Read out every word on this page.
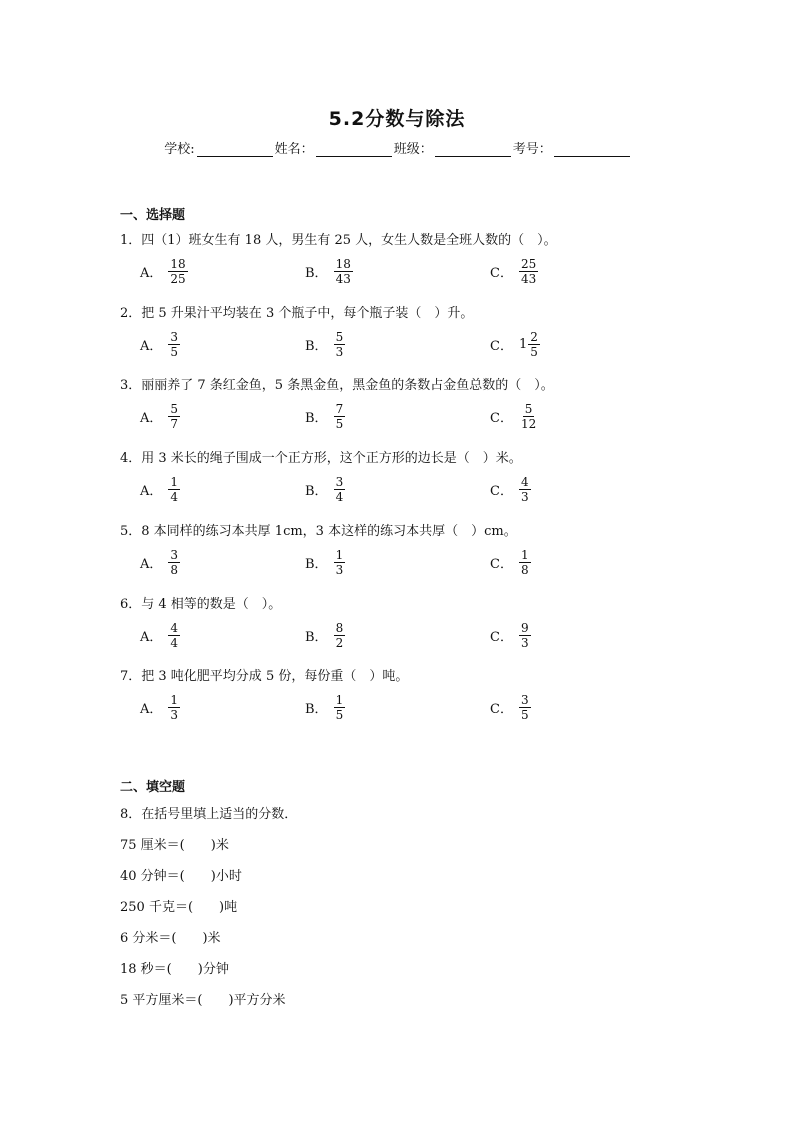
5.2分数与除法
学校:	姓名：	班级：	考号：
一、选择题
1．四（1）班女生有 18 人，男生有 25 人，女生人数是全班人数的（　）。
A． $\frac{18}{25}$	B． $\frac{18}{43}$	C． $\frac{25}{43}$
2．把 5 升果汁平均装在 3 个瓶子中，每个瓶子装（　）升。
A． $\frac{3}{5}$	B． $\frac{5}{3}$	C． $1 \frac{2}{5}$
3．丽丽养了 7 条红金鱼，5 条黑金鱼，黑金鱼的条数占金鱼总数的（　）。
A． $\frac{5}{7}$	B． $\frac{7}{5}$	C． $\frac{5}{12}$
4．用 3 米长的绳子围成一个正方形，这个正方形的边长是（　）米。
A． $\frac{1}{4}$	B． $\frac{3}{4}$	C． $\frac{4}{3}$
5．8 本同样的练习本共厚 1cm，3 本这样的练习本共厚（　）cm。
A． $\frac{3}{8}$	B． $\frac{1}{3}$	C． $\frac{1}{8}$
6．与 4 相等的数是（　）。
A． $\frac{4}{4}$	B． $\frac{8}{2}$	C． $\frac{9}{3}$
7．把 3 吨化肥平均分成 5 份，每份重（　）吨。
A． $\frac{1}{3}$	B． $\frac{1}{5}$	C． $\frac{3}{5}$
二、填空题
8．在括号里填上适当的分数．
75 厘米＝( )米
40 分钟＝( )小时
250 千克＝( )吨
6 分米＝( )米
18 秒＝( )分钟
5 平方厘米＝( )平方分米
